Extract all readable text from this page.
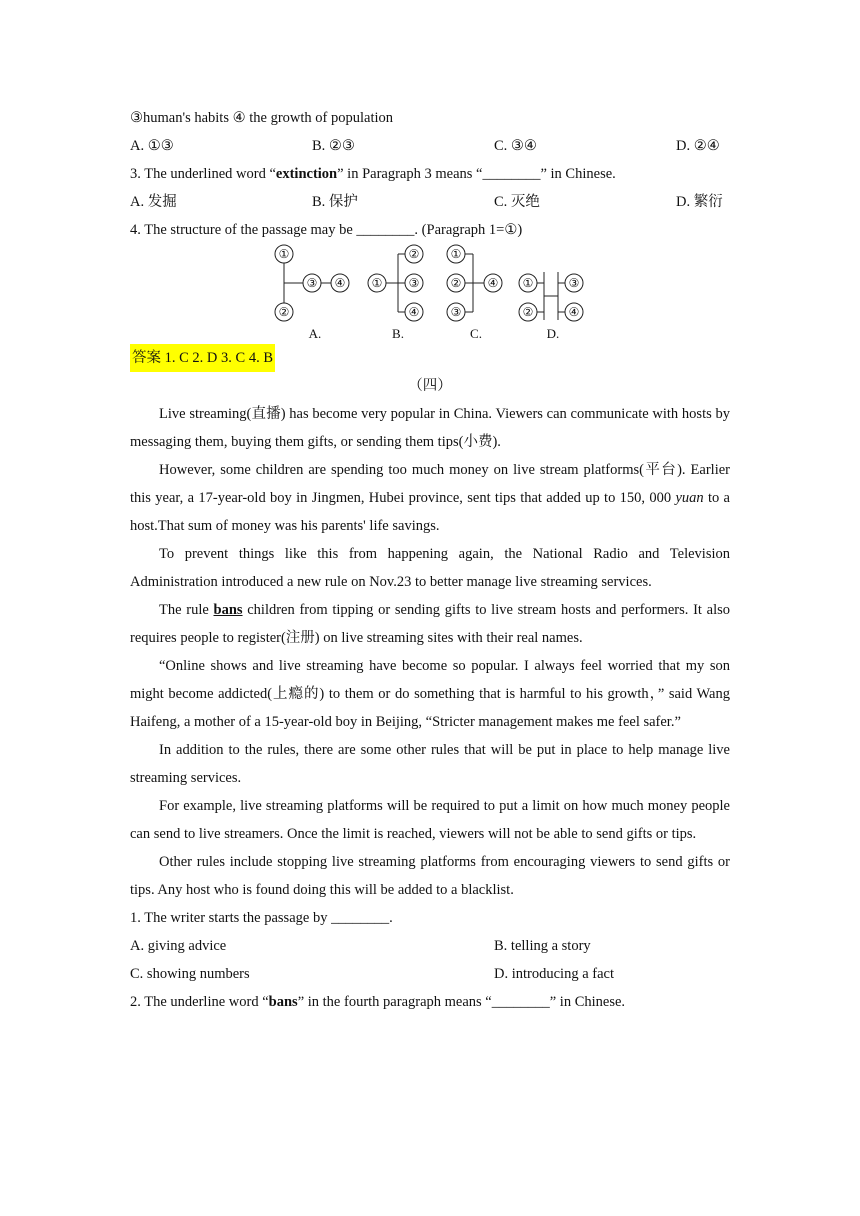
③human's habits ④ the growth of population
A. ①③	B. ②③	C. ③④	D. ②④
3. The underlined word “extinction” in Paragraph 3 means “________” in Chinese.
A. 发掘	B. 保护	C. 灭绝	D. 繁衍
4. The structure of the passage may be ________. (Paragraph 1=①)
①
②
③ ④ ①
②
③
④
①
②
③
④ ①
②
③
④
A.	B.	C.	D.
答案 1. C 2. D 3. C 4. B
（四）

Live streaming(直播) has become very popular in China. Viewers can communicate with hosts by messaging them, buying them gifts, or sending them tips(小费).

However, some children are spending too much money on live stream platforms(平台). Earlier this year, a 17-year-old boy in Jingmen, Hubei province, sent tips that added up to 150, 000 yuan to a host.That sum of money was his parents' life savings.

To prevent things like this from happening again, the National Radio and Television Administration introduced a new rule on Nov.23 to better manage live streaming services.

The rule bans children from tipping or sending gifts to live stream hosts and performers. It also requires people to register(注册) on live streaming sites with their real names.

“Online shows and live streaming have become so popular. I always feel worried that my son might become addicted(上瘾的) to them or do something that is harmful to his growth，” said Wang Haifeng, a mother of a 15-year-old boy in Beijing, “Stricter management makes me feel safer.”

In addition to the rules, there are some other rules that will be put in place to help manage live streaming services.

For example, live streaming platforms will be required to put a limit on how much money people can send to live streamers. Once the limit is reached, viewers will not be able to send gifts or tips.

Other rules include stopping live streaming platforms from encouraging viewers to send gifts or tips. Any host who is found doing this will be added to a blacklist.

1. The writer starts the passage by ________.
A. giving advice	B. telling a story
C. showing numbers	D. introducing a fact
2. The underline word “bans” in the fourth paragraph means “________” in Chinese.
